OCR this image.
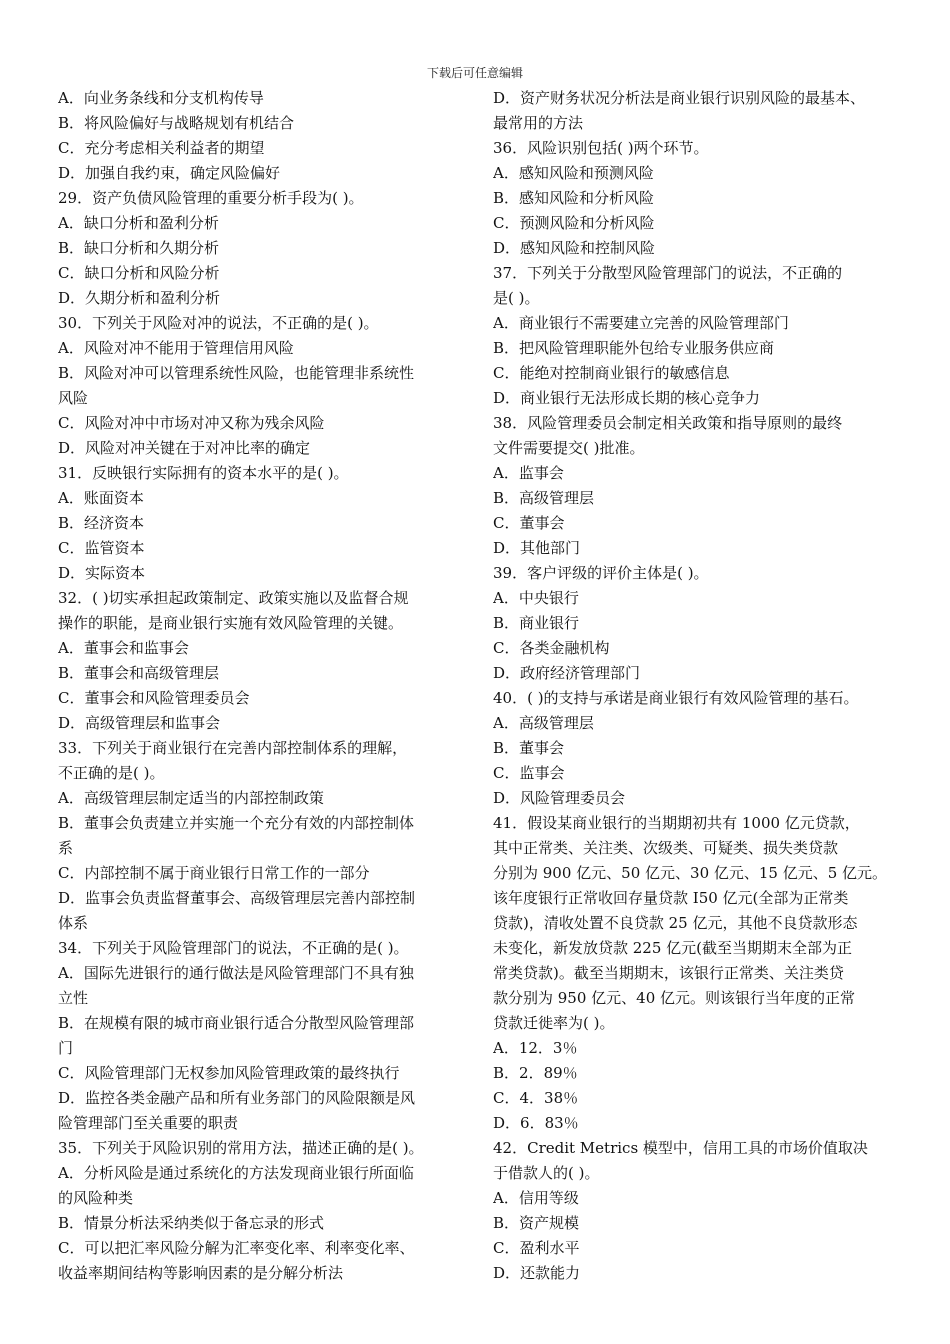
下载后可任意编辑
A．向业务条线和分支机构传导
B．将风险偏好与战略规划有机结合
C．充分考虑相关利益者的期望
D．加强自我约束，确定风险偏好
29．资产负债风险管理的重要分析手段为( )。
A．缺口分析和盈利分析
B．缺口分析和久期分析
C．缺口分析和风险分析
D．久期分析和盈利分析
30．下列关于风险对冲的说法，不正确的是( )。
A．风险对冲不能用于管理信用风险
B．风险对冲可以管理系统性风险，也能管理非系统性
风险
C．风险对冲中市场对冲又称为残余风险
D．风险对冲关键在于对冲比率的确定
31．反映银行实际拥有的资本水平的是( )。
A．账面资本
B．经济资本
C．监管资本
D．实际资本
32．( )切实承担起政策制定、政策实施以及监督合规
操作的职能，是商业银行实施有效风险管理的关键。
A．董事会和监事会
B．董事会和高级管理层
C．董事会和风险管理委员会
D．高级管理层和监事会
33．下列关于商业银行在完善内部控制体系的理解，
不正确的是( )。
A．高级管理层制定适当的内部控制政策
B．董事会负责建立并实施一个充分有效的内部控制体
系
C．内部控制不属于商业银行日常工作的一部分
D．监事会负责监督董事会、高级管理层完善内部控制
体系
34．下列关于风险管理部门的说法，不正确的是( )。
A．国际先进银行的通行做法是风险管理部门不具有独
立性
B．在规模有限的城市商业银行适合分散型风险管理部
门
C．风险管理部门无权参加风险管理政策的最终执行
D．监控各类金融产品和所有业务部门的风险限额是风
险管理部门至关重要的职责
35．下列关于风险识别的常用方法，描述正确的是( )。
A．分析风险是通过系统化的方法发现商业银行所面临
的风险种类
B．情景分析法采纳类似于备忘录的形式
C．可以把汇率风险分解为汇率变化率、利率变化率、
收益率期间结构等影响因素的是分解分析法
D．资产财务状况分析法是商业银行识别风险的最基本、
最常用的方法
36．风险识别包括( )两个环节。
A．感知风险和预测风险
B．感知风险和分析风险
C．预测风险和分析风险
D．感知风险和控制风险
37．下列关于分散型风险管理部门的说法，不正确的
是( )。
A．商业银行不需要建立完善的风险管理部门
B．把风险管理职能外包给专业服务供应商
C．能绝对控制商业银行的敏感信息
D．商业银行无法形成长期的核心竞争力
38．风险管理委员会制定相关政策和指导原则的最终
文件需要提交( )批准。
A．监事会
B．高级管理层
C．董事会
D．其他部门
39．客户评级的评价主体是( )。
A．中央银行
B．商业银行
C．各类金融机构
D．政府经济管理部门
40．( )的支持与承诺是商业银行有效风险管理的基石。
A．高级管理层
B．董事会
C．监事会
D．风险管理委员会
41．假设某商业银行的当期期初共有 1000 亿元贷款，
其中正常类、关注类、次级类、可疑类、损失类贷款
分别为 900 亿元、50 亿元、30 亿元、15 亿元、5 亿元。
该年度银行正常收回存量贷款 I50 亿元(全部为正常类
贷款)，清收处置不良贷款 25 亿元，其他不良贷款形态
未变化，新发放贷款 225 亿元(截至当期期末全部为正
常类贷款)。截至当期期末，该银行正常类、关注类贷
款分别为 950 亿元、40 亿元。则该银行当年度的正常
贷款迁徙率为( )。
A．12．3％
B．2．89％
C．4．38％
D．6．83％
42．Credit Metrics 模型中，信用工具的市场价值取决
于借款人的( )。
A．信用等级
B．资产规模
C．盈利水平
D．还款能力
